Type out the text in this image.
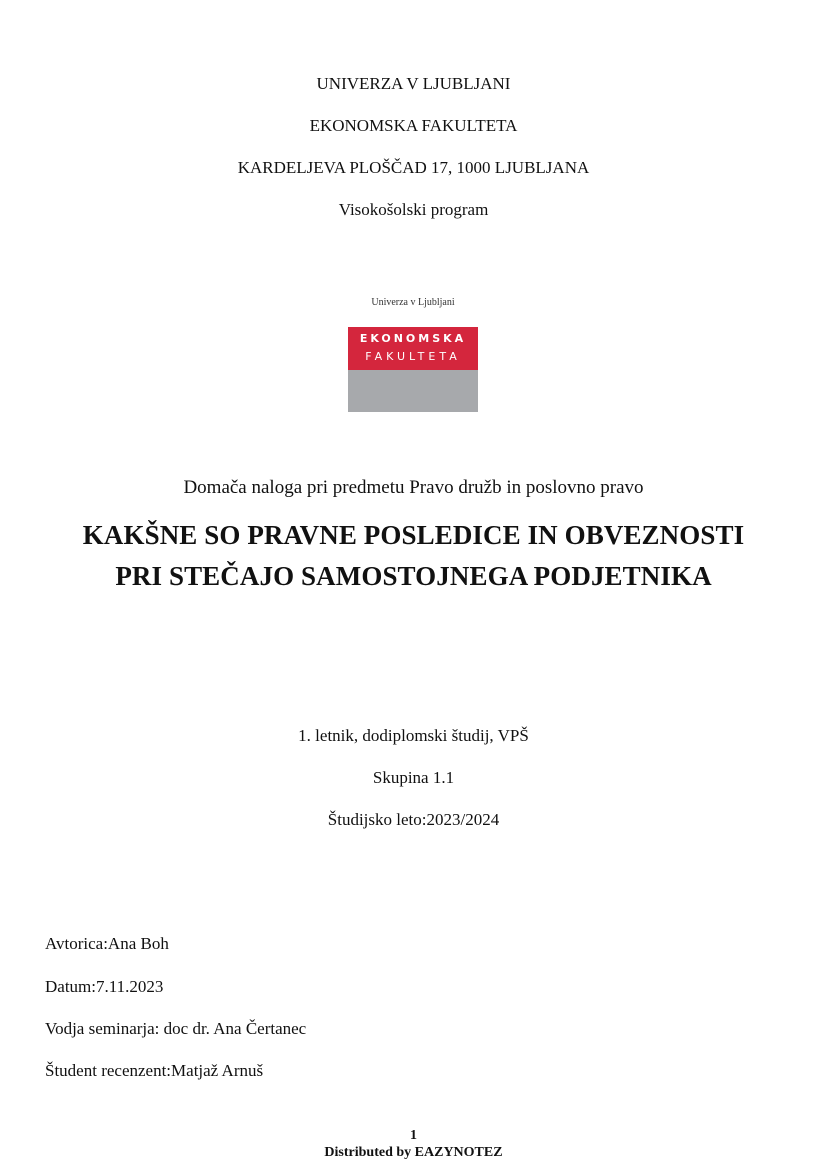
UNIVERZA V LJUBLJANI
EKONOMSKA FAKULTETA
KARDELJEVA PLOŠČAD 17, 1000 LJUBLJANA
Visokošolski program
Univerza v Ljubljani
EKONOMSKA
FAKULTETA
Domača naloga pri predmetu Pravo družb in poslovno pravo
KAKŠNE SO PRAVNE POSLEDICE IN OBVEZNOSTI
PRI STEČAJO SAMOSTOJNEGA PODJETNIKA
1. letnik, dodiplomski študij, VPŠ
Skupina 1.1
Študijsko leto:2023/2024
Avtorica:Ana Boh
Datum:7.11.2023
Vodja seminarja: doc dr. Ana Čertanec
Študent recenzent:Matjaž Arnuš
1
Distributed by EAZYNOTEZ
